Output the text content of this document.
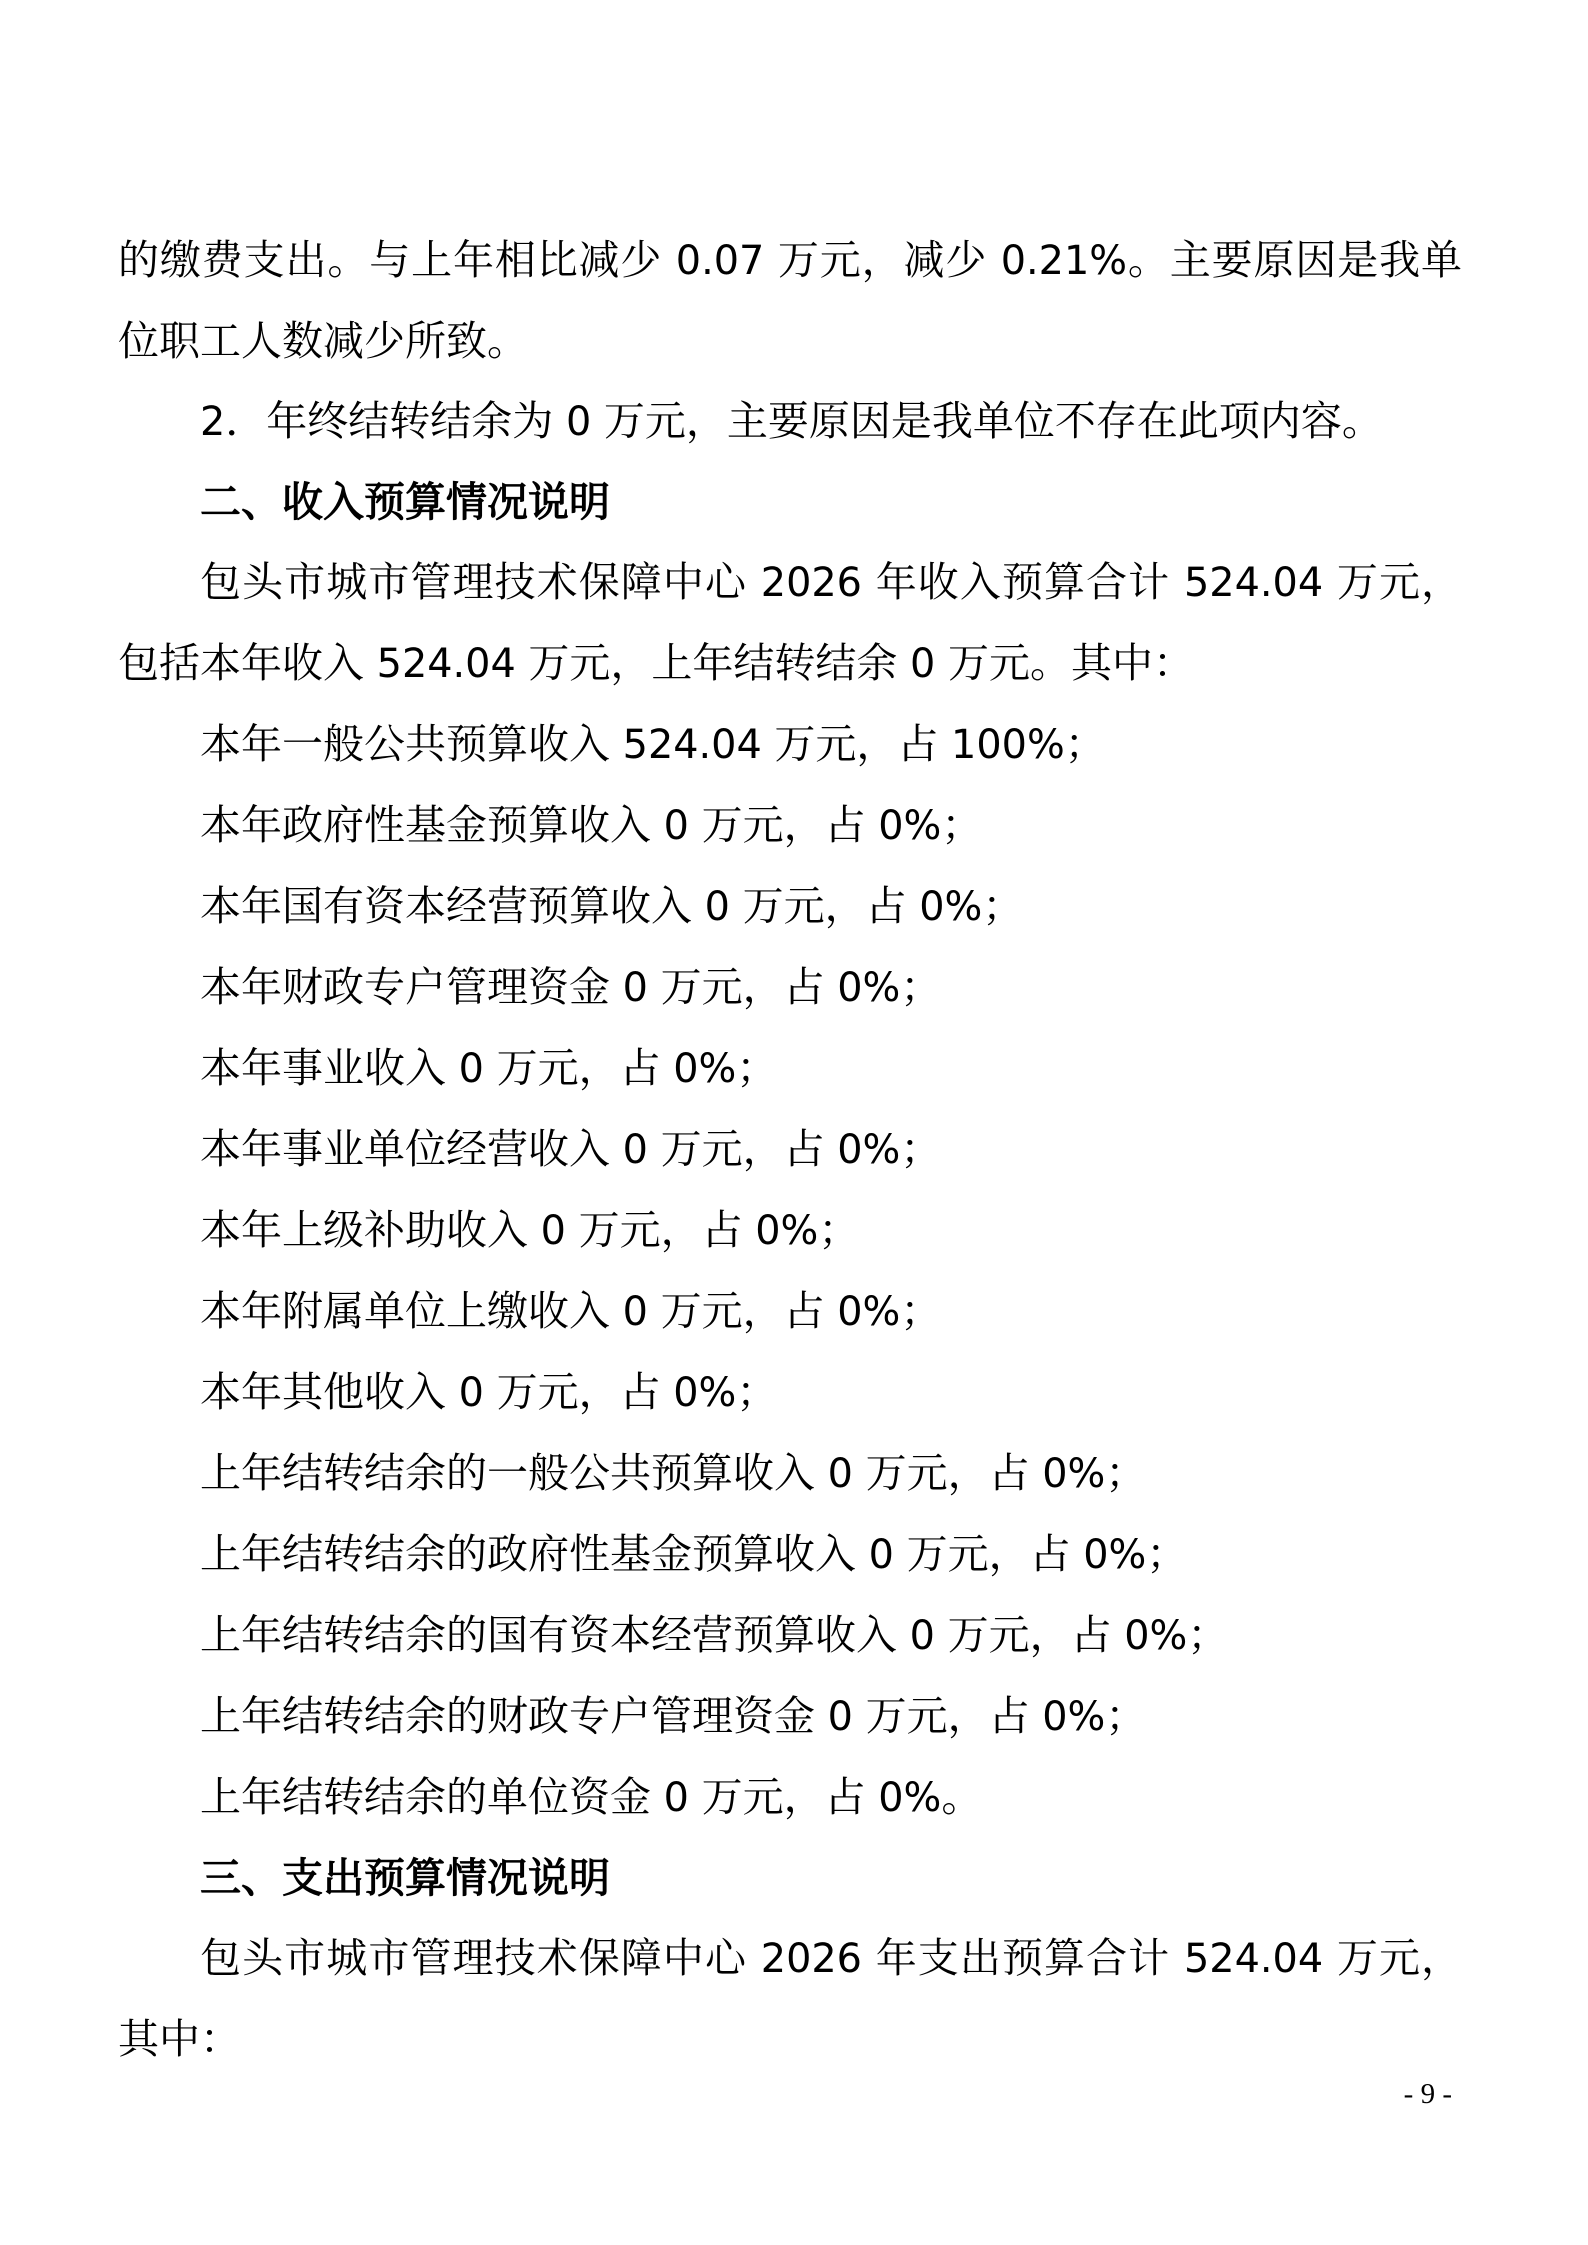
的缴费支出。与上年相比减少 0.07 万元，减少 0.21%。主要原因是我单位职工人数减少所致。

2．年终结转结余为 0 万元，主要原因是我单位不存在此项内容。

二、收入预算情况说明

包头市城市管理技术保障中心 2026 年收入预算合计 524.04 万元，包括本年收入 524.04 万元，上年结转结余 0 万元。其中：

本年一般公共预算收入 524.04 万元，占 100%；

本年政府性基金预算收入 0 万元，占 0%；

本年国有资本经营预算收入 0 万元，占 0%；

本年财政专户管理资金 0 万元，占 0%；

本年事业收入 0 万元，占 0%；

本年事业单位经营收入 0 万元，占 0%；

本年上级补助收入 0 万元，占 0%；

本年附属单位上缴收入 0 万元，占 0%；

本年其他收入 0 万元，占 0%；

上年结转结余的一般公共预算收入 0 万元，占 0%；

上年结转结余的政府性基金预算收入 0 万元，占 0%；

上年结转结余的国有资本经营预算收入 0 万元，占 0%；

上年结转结余的财政专户管理资金 0 万元，占 0%；

上年结转结余的单位资金 0 万元，占 0%。

三、支出预算情况说明

包头市城市管理技术保障中心 2026 年支出预算合计 524.04 万元，其中：

- 9 -
